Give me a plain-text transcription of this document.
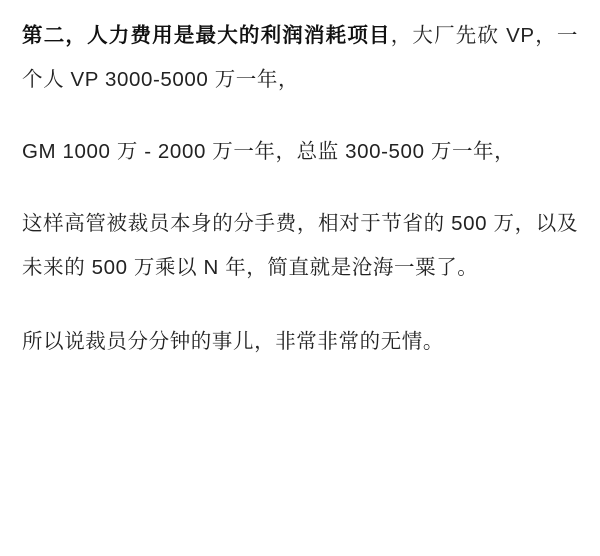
第二，人力费用是最大的利润消耗项目，大厂先砍 VP，一个人 VP 3000-5000 万一年，

GM 1000 万 - 2000 万一年，总监 300-500 万一年，

这样高管被裁员本身的分手费，相对于节省的 500 万，以及未来的 500 万乘以 N 年，简直就是沧海一粟了。

所以说裁员分分钟的事儿，非常非常的无情。
